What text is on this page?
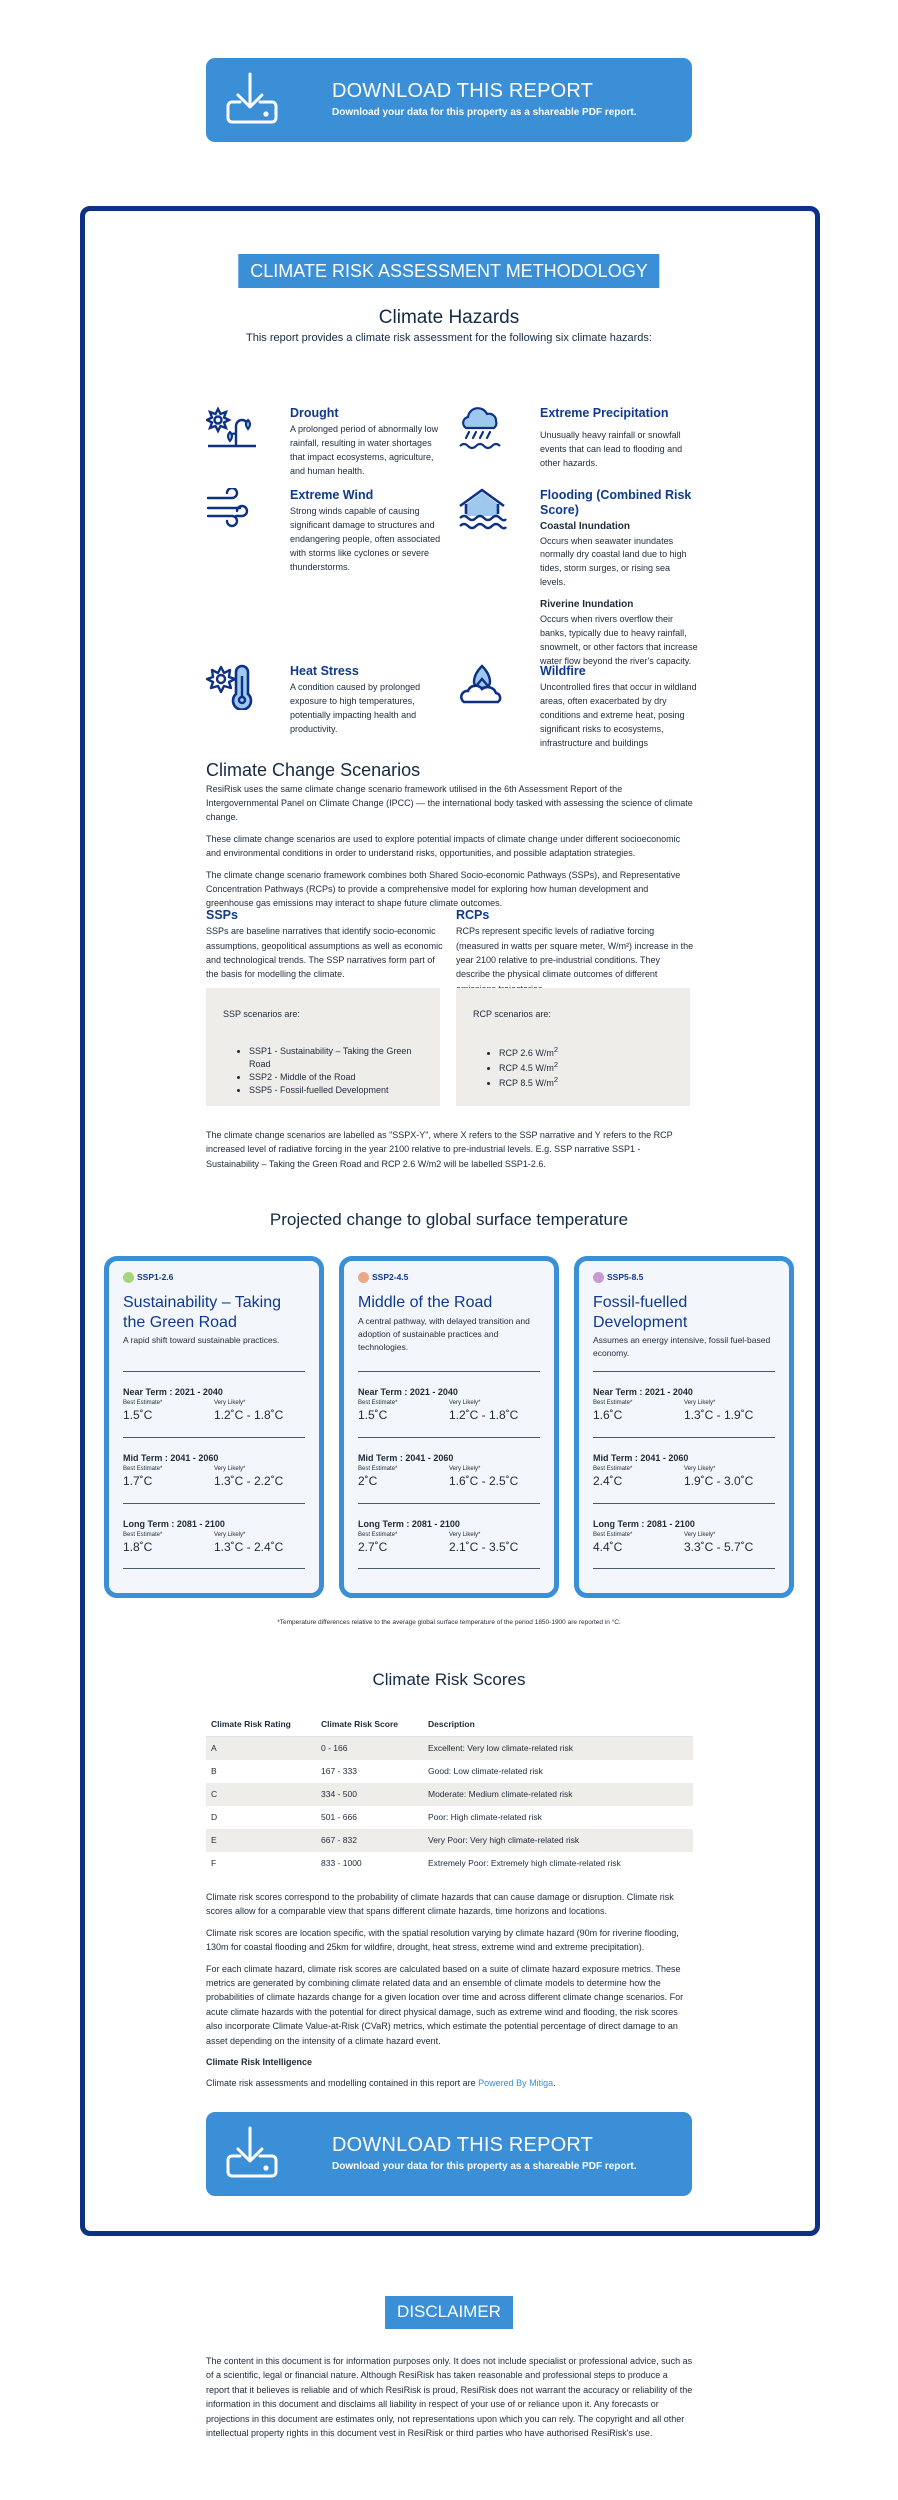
DOWNLOAD THIS REPORT
Download your data for this property as a shareable PDF report.
CLIMATE RISK ASSESSMENT METHODOLOGY
Climate Hazards
This report provides a climate risk assessment for the following six climate hazards:
Drought
A prolonged period of abnormally low rainfall, resulting in water shortages that impact ecosystems, agriculture, and human health.
Extreme Wind
Strong winds capable of causing significant damage to structures and endangering people, often associated with storms like cyclones or severe thunderstorms.
Extreme Precipitation
Unusually heavy rainfall or snowfall events that can lead to flooding and other hazards.
Flooding (Combined Risk Score)
Coastal Inundation
Occurs when seawater inundates normally dry coastal land due to high tides, storm surges, or rising sea levels.
Riverine Inundation
Occurs when rivers overflow their banks, typically due to heavy rainfall, snowmelt, or other factors that increase water flow beyond the river's capacity.
Heat Stress
A condition caused by prolonged exposure to high temperatures, potentially impacting health and productivity.
Wildfire
Uncontrolled fires that occur in wildland areas, often exacerbated by dry conditions and extreme heat, posing significant risks to ecosystems, infrastructure and buildings
Climate Change Scenarios

ResiRisk uses the same climate change scenario framework utilised in the 6th Assessment Report of the Intergovernmental Panel on Climate Change (IPCC) — the international body tasked with assessing the science of climate change.

These climate change scenarios are used to explore potential impacts of climate change under different socioeconomic and environmental conditions in order to understand risks, opportunities, and possible adaptation strategies.

The climate change scenario framework combines both Shared Socio-economic Pathways (SSPs), and Representative Concentration Pathways (RCPs) to provide a comprehensive model for exploring how human development and greenhouse gas emissions may interact to shape future climate outcomes.

SSPs

SSPs are baseline narratives that identify socio-economic assumptions, geopolitical assumptions as well as economic and technological trends. The SSP narratives form part of the basis for modelling the climate.

RCPs

RCPs represent specific levels of radiative forcing (measured in watts per square meter, W/m²) increase in the year 2100 relative to pre-industrial conditions. They describe the physical climate outcomes of different

SSP scenarios are:
• SSP1 - Sustainability – Taking the Green Road
• SSP2 - Middle of the Road
• SSP5 - Fossil-fuelled Development
RCP scenarios are:
• RCP 2.6 $W/m^2$
• RCP 4.5 $W/m^2$
• RCP 8.5 $W/m^2$

The climate change scenarios are labelled as "SSPX-Y", where X refers to the SSP narrative and Y refers to the RCP increased level of radiative forcing in the year 2100 relative to pre-industrial levels. E.g. SSP narrative SSP1 - Sustainability – Taking the Green Road and RCP 2.6 W/m2 will be labelled SSP1-2.6.

Projected change to global surface temperature
SSP1-2.6
Sustainability – Taking the Green Road
A rapid shift toward sustainable practices.
Near Term : 2021 - 2040
Best Estimate*
1.5˚C
Very Likely*
1.2˚C - 1.8˚C
Mid Term : 2041 - 2060
Best Estimate*
1.7˚C
Very Likely*
1.3˚C - 2.2˚C
Long Term : 2081 - 2100
Best Estimate*
1.8˚C
Very Likely*
1.3˚C - 2.4˚C
SSP2-4.5
Middle of the Road
A central pathway, with delayed transition and adoption of sustainable practices and technologies.
Near Term : 2021 - 2040
Best Estimate*
1.5˚C
Very Likely*
1.2˚C - 1.8˚C
Mid Term : 2041 - 2060
Best Estimate*
2˚C
Very Likely*
1.6˚C - 2.5˚C
Long Term : 2081 - 2100
Best Estimate*
2.7˚C
Very Likely*
2.1˚C - 3.5˚C
SSP5-8.5
Fossil-fuelled Development
Assumes an energy intensive, fossil fuel-based economy.
Near Term : 2021 - 2040
Best Estimate*
1.6˚C
Very Likely*
1.3˚C - 1.9˚C
Mid Term : 2041 - 2060
Best Estimate*
2.4˚C
Very Likely*
1.9˚C - 3.0˚C
Long Term : 2081 - 2100
Best Estimate*
4.4˚C
Very Likely*
3.3˚C - 5.7˚C
*Temperature differences relative to the average global surface temperature of the period 1850-1900 are reported in °C.
Climate Risk Scores
Climate Risk Rating	Climate Risk Score	Description
A	0 - 166	Excellent: Very low climate-related risk
B	167 - 333	Good: Low climate-related risk
C	334 - 500	Moderate: Medium climate-related risk
D	501 - 666	Poor: High climate-related risk
E	667 - 832	Very Poor: Very high climate-related risk
F	833 - 1000	Extremely Poor: Extremely high climate-related risk

Climate risk scores correspond to the probability of climate hazards that can cause damage or disruption. Climate risk scores allow for a comparable view that spans different climate hazards, time horizons and locations.

Climate risk scores are location specific, with the spatial resolution varying by climate hazard (90m for riverine flooding, 130m for coastal flooding and 25km for wildfire, drought, heat stress, extreme wind and extreme precipitation).

For each climate hazard, climate risk scores are calculated based on a suite of climate hazard exposure metrics. These metrics are generated by combining climate related data and an ensemble of climate models to determine how the probabilities of climate hazards change for a given location over time and across different climate change scenarios. For acute climate hazards with the potential for direct physical damage, such as extreme wind and flooding, the risk scores also incorporate Climate Value-at-Risk (CVaR) metrics, which estimate the potential percentage of direct damage to an asset depending on the intensity of a climate hazard event.

Climate Risk Intelligence

Climate risk assessments and modelling contained in this report are Powered By Mitiga.

DOWNLOAD THIS REPORT
Download your data for this property as a shareable PDF report.
DISCLAIMER
The content in this document is for information purposes only. It does not include specialist or professional advice, such as of a scientific, legal or financial nature. Although ResiRisk has taken reasonable and professional steps to produce a report that it believes is reliable and of which ResiRisk is proud, ResiRisk does not warrant the accuracy or reliability of the information in this document and disclaims all liability in respect of your use of or reliance upon it. Any forecasts or projections in this document are estimates only, not representations upon which you can rely. The copyright and all other intellectual property rights in this document vest in ResiRisk or third parties who have authorised ResiRisk's use.
